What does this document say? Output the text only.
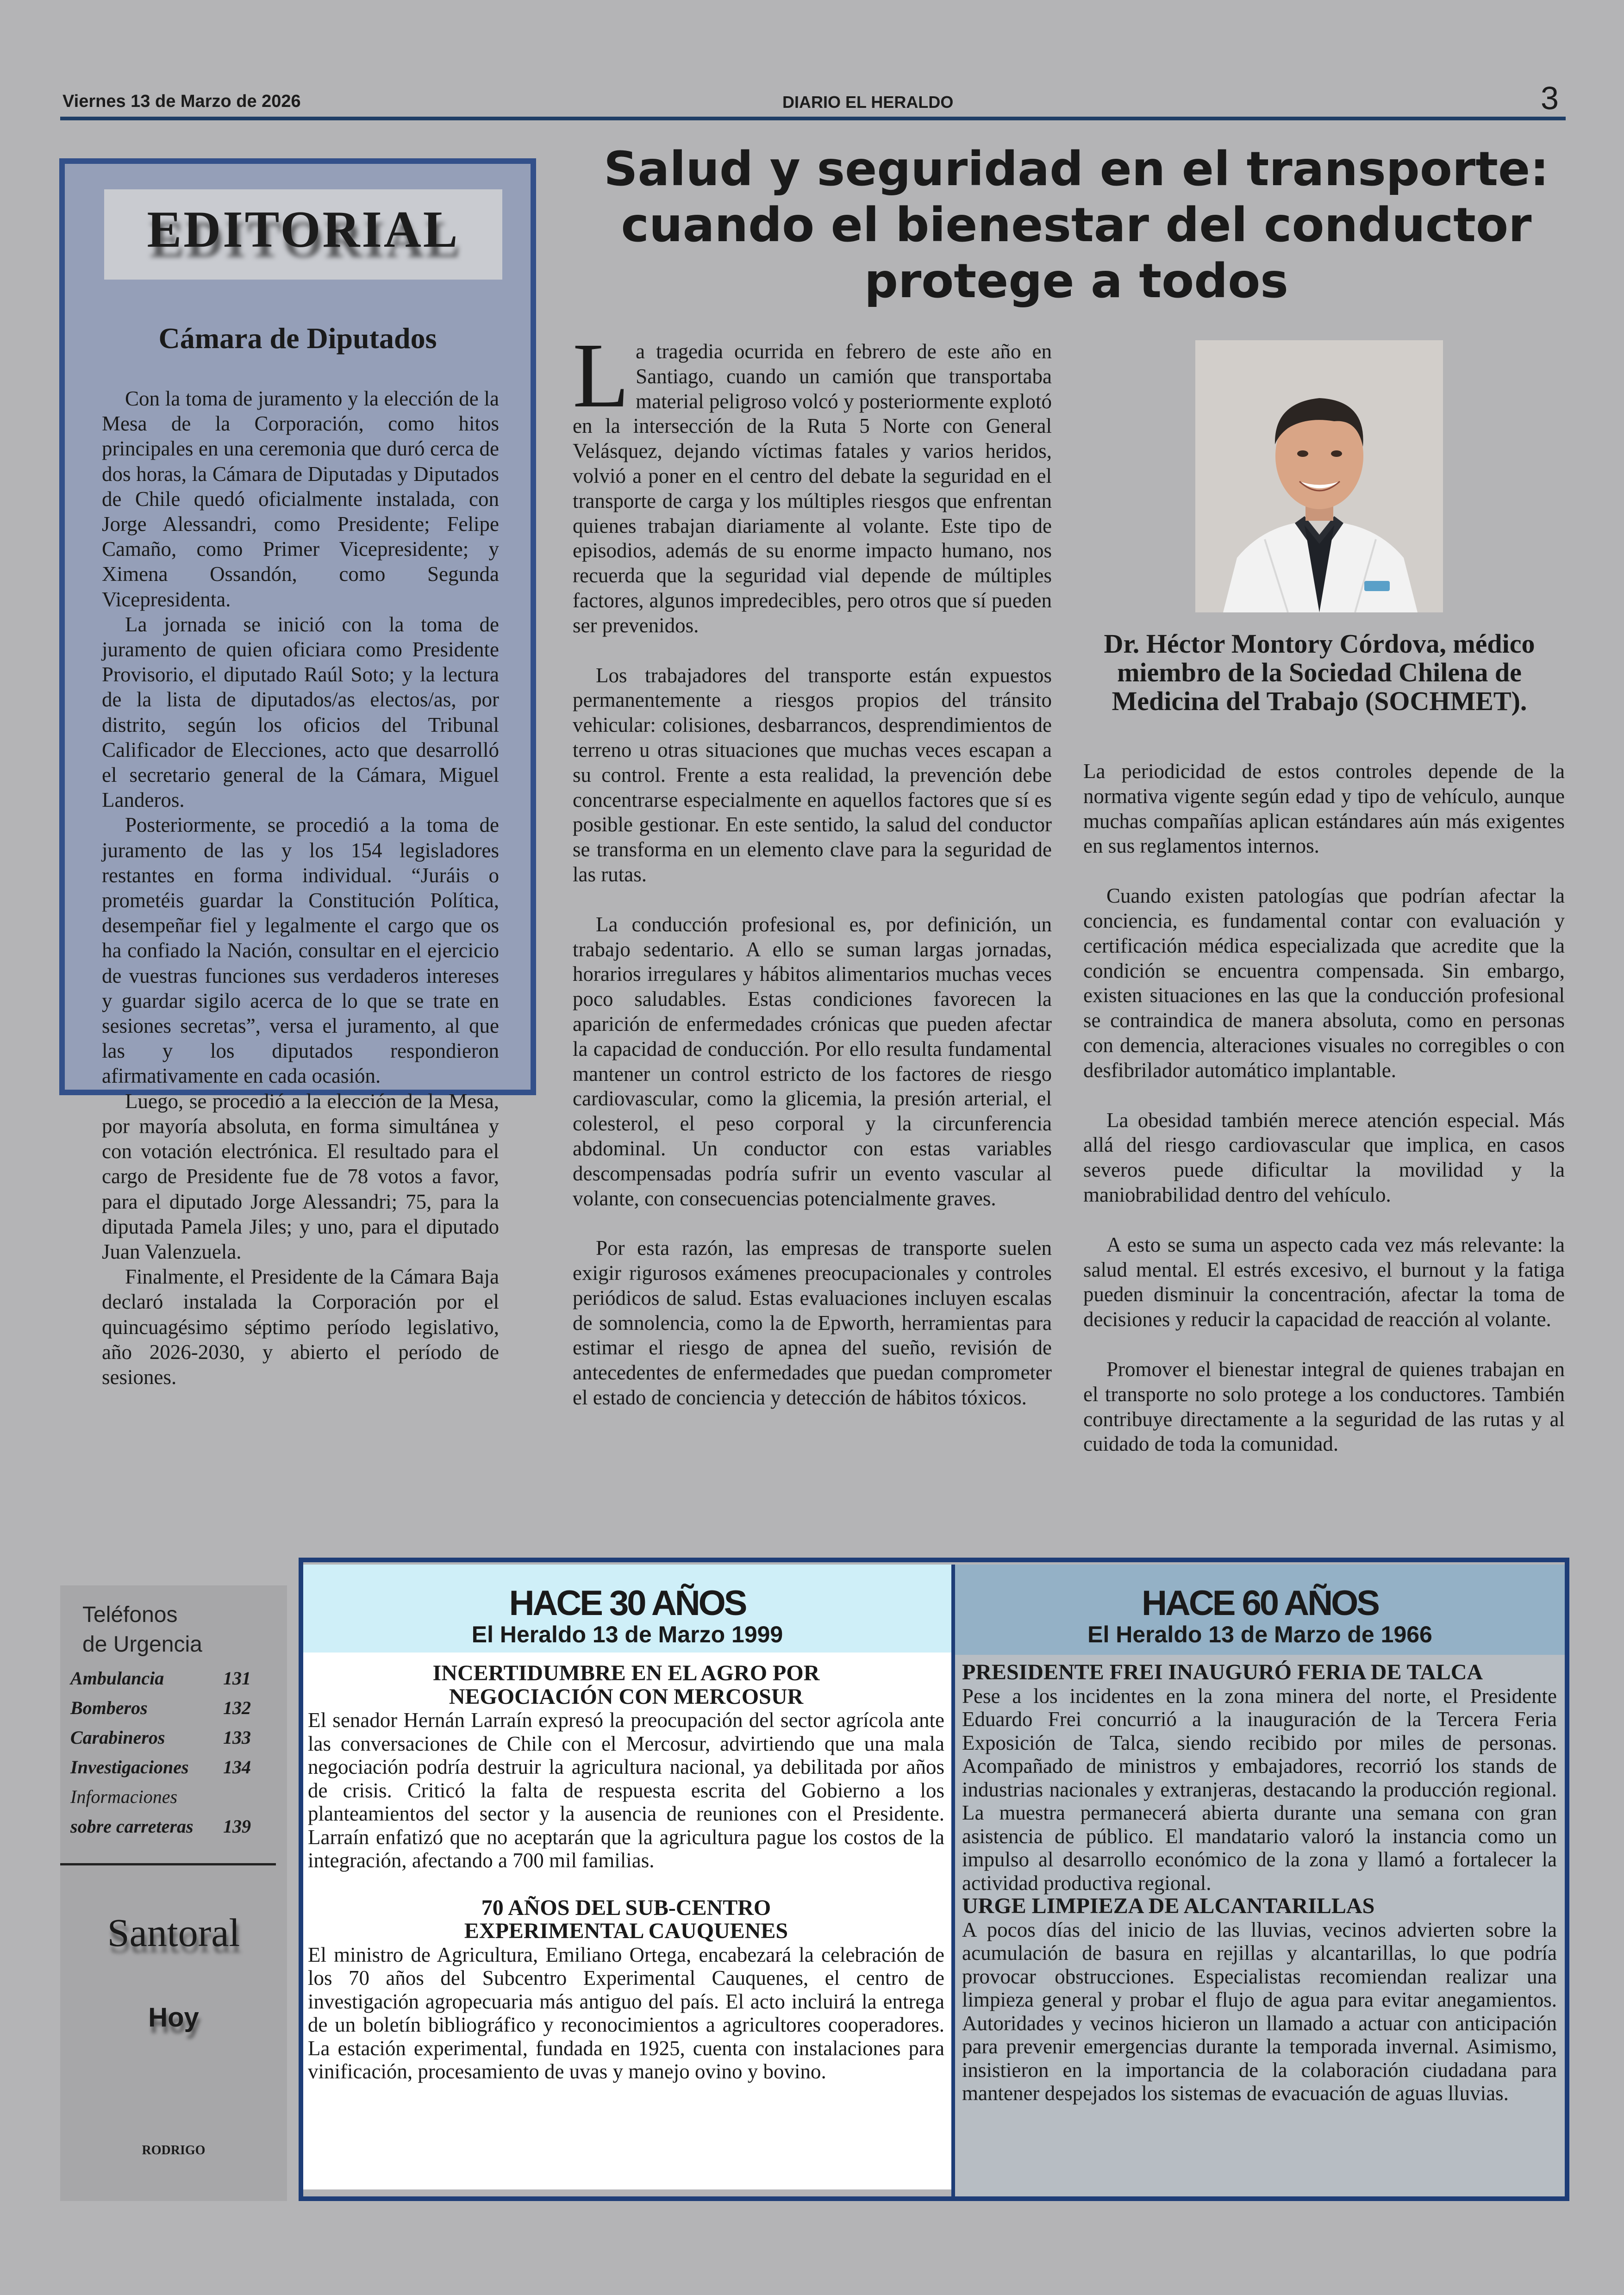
Viernes 13 de Marzo de 2026	DIARIO EL HERALDO	3
EDITORIAL
Cámara de Diputados

Con la toma de juramento y la elección de la Mesa de la Corporación, como hitos principales en una ceremonia que duró cerca de dos horas, la Cámara de Diputadas y Diputados de Chile quedó oficialmente instalada, con Jorge Alessandri, como Presidente; Felipe Camaño, como Primer Vicepresidente; y Ximena Ossandón, como Segunda Vicepresidenta.

La jornada se inició con la toma de juramento de quien oficiara como Presidente Provisorio, el diputado Raúl Soto; y la lectura de la lista de diputados/as electos/as, por distrito, según los oficios del Tribunal Calificador de Elecciones, acto que desarrolló el secretario general de la Cámara, Miguel Landeros.

Posteriormente, se procedió a la toma de juramento de las y los 154 legisladores restantes en forma individual. “Juráis o prometéis guardar la Constitución Política, desempeñar fiel y legalmente el cargo que os ha confiado la Nación, consultar en el ejercicio de vuestras funciones sus verdaderos intereses y guardar sigilo acerca de lo que se trate en sesiones secretas”, versa el juramento, al que las y los diputados respondieron afirmativamente en cada ocasión.

Luego, se procedió a la elección de la Mesa, por mayoría absoluta, en forma simultánea y con votación electrónica. El resultado para el cargo de Presidente fue de 78 votos a favor, para el diputado Jorge Alessandri; 75, para la diputada Pamela Jiles; y uno, para el diputado Juan Valenzuela.

Finalmente, el Presidente de la Cámara Baja declaró instalada la Corporación por el quincuagésimo séptimo período legislativo, año 2026-2030, y abierto el período de sesiones.

Salud y seguridad en el transporte: cuando el bienestar del conductor protege a todos

La tragedia ocurrida en febrero de este año en Santiago, cuando un camión que transportaba material peligroso volcó y posteriormente explotó en la intersección de la Ruta 5 Norte con General Velásquez, dejando víctimas fatales y varios heridos, volvió a poner en el centro del debate la seguridad en el transporte de carga y los múltiples riesgos que enfrentan quienes trabajan diariamente al volante. Este tipo de episodios, además de su enorme impacto humano, nos recuerda que la seguridad vial depende de múltiples factores, algunos impredecibles, pero otros que sí pueden ser prevenidos.

Los trabajadores del transporte están expuestos permanentemente a riesgos propios del tránsito vehicular: colisiones, desbarrancos, desprendimientos de terreno u otras situaciones que muchas veces escapan a su control. Frente a esta realidad, la prevención debe concentrarse especialmente en aquellos factores que sí es posible gestionar. En este sentido, la salud del conductor se transforma en un elemento clave para la seguridad de las rutas.

La conducción profesional es, por definición, un trabajo sedentario. A ello se suman largas jornadas, horarios irregulares y hábitos alimentarios muchas veces poco saludables. Estas condiciones favorecen la aparición de enfermedades crónicas que pueden afectar la capacidad de conducción. Por ello resulta fundamental mantener un control estricto de los factores de riesgo cardiovascular, como la glicemia, la presión arterial, el colesterol, el peso corporal y la circunferencia abdominal. Un conductor con estas variables descompensadas podría sufrir un evento vascular al volante, con consecuencias potencialmente graves.

Por esta razón, las empresas de transporte suelen exigir rigurosos exámenes preocupacionales y controles periódicos de salud. Estas evaluaciones incluyen escalas de somnolencia, como la de Epworth, herramientas para estimar el riesgo de apnea del sueño, revisión de antecedentes de enfermedades que puedan comprometer el estado de conciencia y detección de hábitos tóxicos.

Dr. Héctor Montory Córdova, médico miembro de la Sociedad Chilena de Medicina del Trabajo (SOCHMET).

La periodicidad de estos controles depende de la normativa vigente según edad y tipo de vehículo, aunque muchas compañías aplican estándares aún más exigentes en sus reglamentos internos.

Cuando existen patologías que podrían afectar la conciencia, es fundamental contar con evaluación y certificación médica especializada que acredite que la condición se encuentra compensada. Sin embargo, existen situaciones en las que la conducción profesional se contraindica de manera absoluta, como en personas con demencia, alteraciones visuales no corregibles o con desfibrilador automático implantable.

La obesidad también merece atención especial. Más allá del riesgo cardiovascular que implica, en casos severos puede dificultar la movilidad y la maniobrabilidad dentro del vehículo.

A esto se suma un aspecto cada vez más relevante: la salud mental. El estrés excesivo, el burnout y la fatiga pueden disminuir la concentración, afectar la toma de decisiones y reducir la capacidad de reacción al volante.

Promover el bienestar integral de quienes trabajan en el transporte no solo protege a los conductores. También contribuye directamente a la seguridad de las rutas y al cuidado de toda la comunidad.

Teléfonos
de Urgencia
Ambulancia	131
Bomberos	132
Carabineros	133
Investigaciones 134
Informaciones
sobre carreteras 139
Santoral
Hoy
RODRIGO
HACE 30 AÑOS
El Heraldo 13 de Marzo 1999
INCERTIDUMBRE EN EL AGRO POR
NEGOCIACIÓN CON MERCOSUR

El senador Hernán Larraín expresó la preocupación del sector agrícola ante las conversaciones de Chile con el Mercosur, advirtiendo que una mala negociación podría destruir la agricultura nacional, ya debilitada por años de crisis. Criticó la falta de respuesta escrita del Gobierno a los planteamientos del sector y la ausencia de reuniones con el Presidente. Larraín enfatizó que no aceptarán que la agricultura pague los costos de la integración, afectando a 700 mil familias.

70 AÑOS DEL SUB-CENTRO
EXPERIMENTAL CAUQUENES

El ministro de Agricultura, Emiliano Ortega, encabezará la celebración de los 70 años del Subcentro Experimental Cauquenes, el centro de investigación agropecuaria más antiguo del país. El acto incluirá la entrega de un boletín bibliográfico y reconocimientos a agricultores cooperadores. La estación experimental, fundada en 1925, cuenta con instalaciones para vinificación, procesamiento de uvas y manejo ovino y bovino.

HACE 60 AÑOS
El Heraldo 13 de Marzo de 1966
PRESIDENTE FREI INAUGURÓ FERIA DE TALCA

Pese a los incidentes en la zona minera del norte, el Presidente Eduardo Frei concurrió a la inauguración de la Tercera Feria Exposición de Talca, siendo recibido por miles de personas. Acompañado de ministros y embajadores, recorrió los stands de industrias nacionales y extranjeras, destacando la producción regional. La muestra permanecerá abierta durante una semana con gran asistencia de público. El mandatario valoró la instancia como un impulso al desarrollo económico de la zona y llamó a fortalecer la actividad productiva regional.

URGE LIMPIEZA DE ALCANTARILLAS

A pocos días del inicio de las lluvias, vecinos advierten sobre la acumulación de basura en rejillas y alcantarillas, lo que podría provocar obstrucciones. Especialistas recomiendan realizar una limpieza general y probar el flujo de agua para evitar anegamientos. Autoridades y vecinos hicieron un llamado a actuar con anticipación para prevenir emergencias durante la temporada invernal. Asimismo, insistieron en la importancia de la colaboración ciudadana para mantener despejados los sistemas de evacuación de aguas lluvias.
